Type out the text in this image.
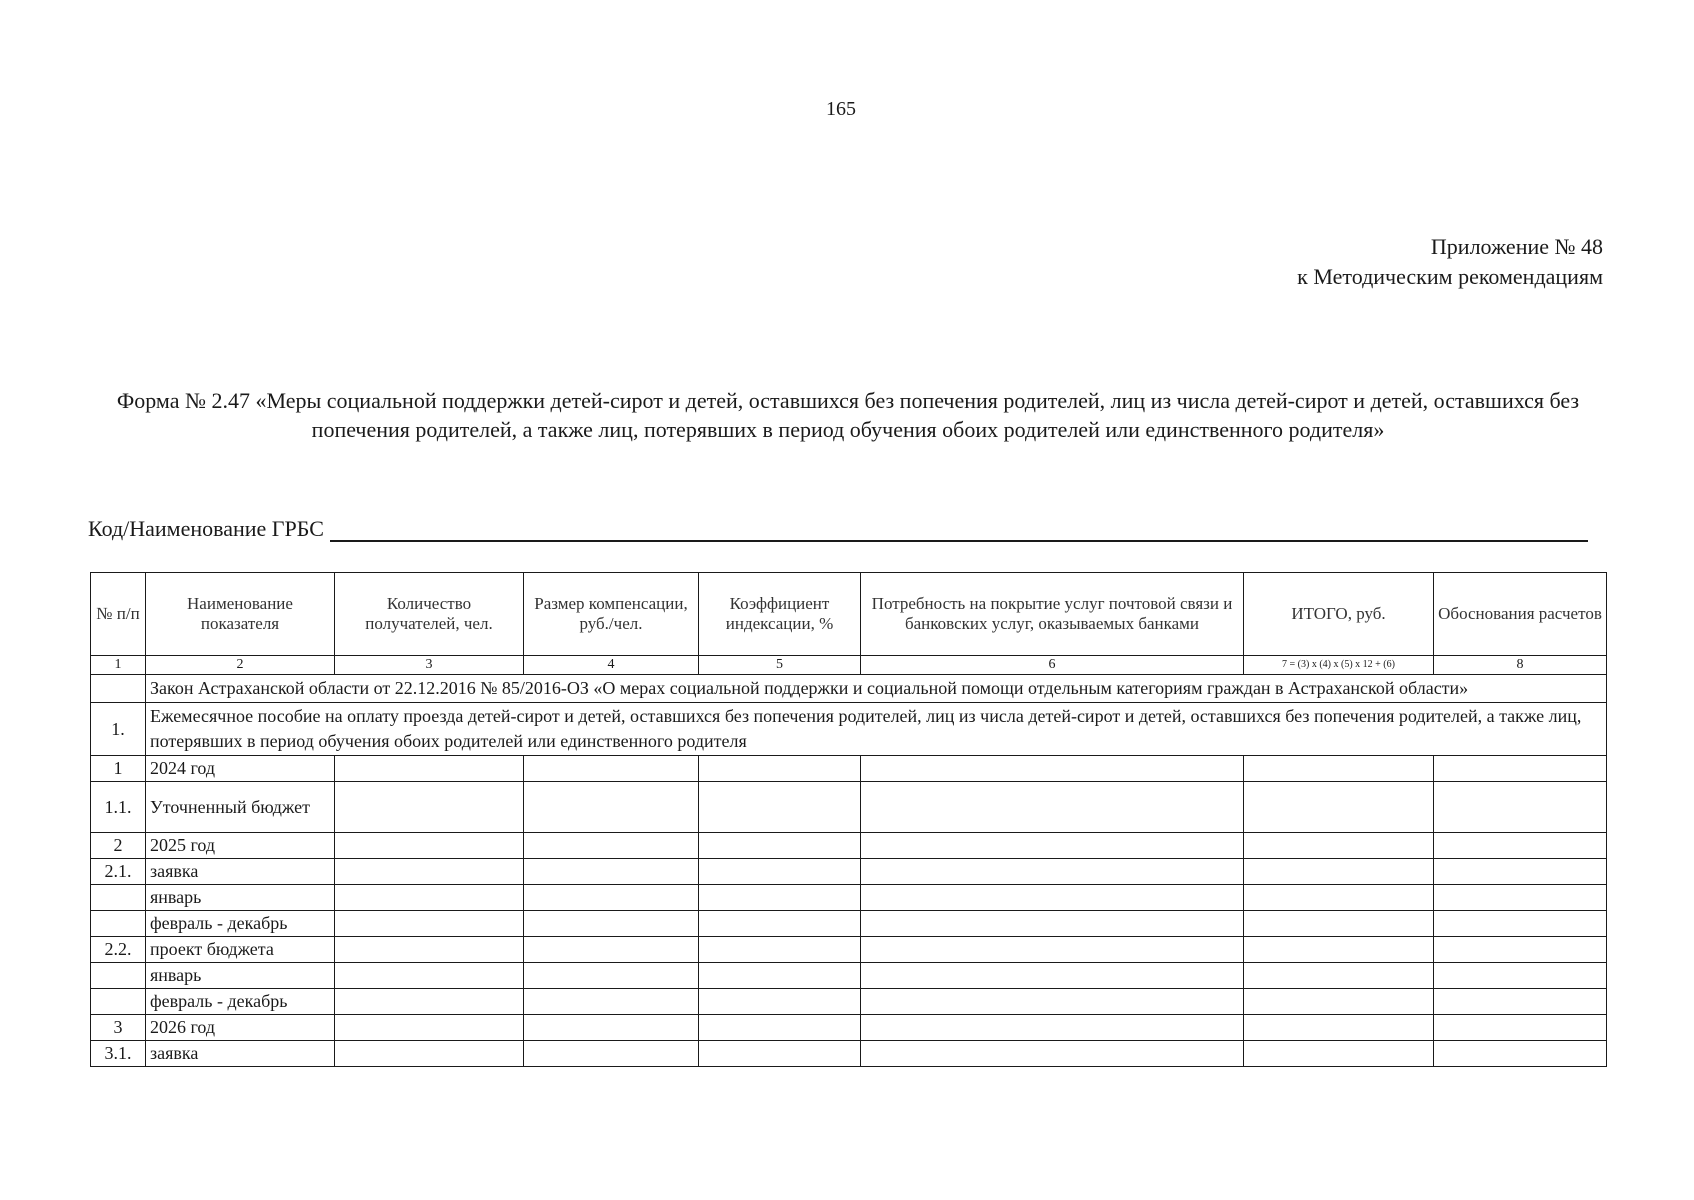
165
Приложение № 48
к Методическим рекомендациям
Форма № 2.47 «Меры социальной поддержки детей-сирот и детей, оставшихся без попечения родителей, лиц из числа детей-сирот и детей, оставшихся без попечения родителей, а также лиц, потерявших в период обучения обоих родителей или единственного родителя»
Код/Наименование ГРБС
№ п/п	Наименование показателя	Количество получателей, чел.	Размер компенсации, руб./чел.	Коэффициент индексации, %	Потребность на покрытие услуг почтовой связи и банковских услуг, оказываемых банками	ИТОГО, руб.	Обоснования расчетов
1	2	3	4	5	6	7 = (3) x (4) x (5) x 12 + (6)	8
	Закон Астраханской области от 22.12.2016 № 85/2016-ОЗ «О мерах социальной поддержки и социальной помощи отдельным категориям граждан в Астраханской области»						
1.	Ежемесячное пособие на оплату проезда детей-сирот и детей, оставшихся без попечения родителей, лиц из числа детей-сирот и детей, оставшихся без попечения родителей, а также лиц, потерявших в период обучения обоих родителей или единственного родителя						
1	2024 год						
1.1.	Уточненный бюджет						
2	2025 год						
2.1.	заявка						
	январь						
	февраль - декабрь						
2.2.	проект бюджета						
	январь						
	февраль - декабрь						
3	2026 год						
3.1.	заявка						
